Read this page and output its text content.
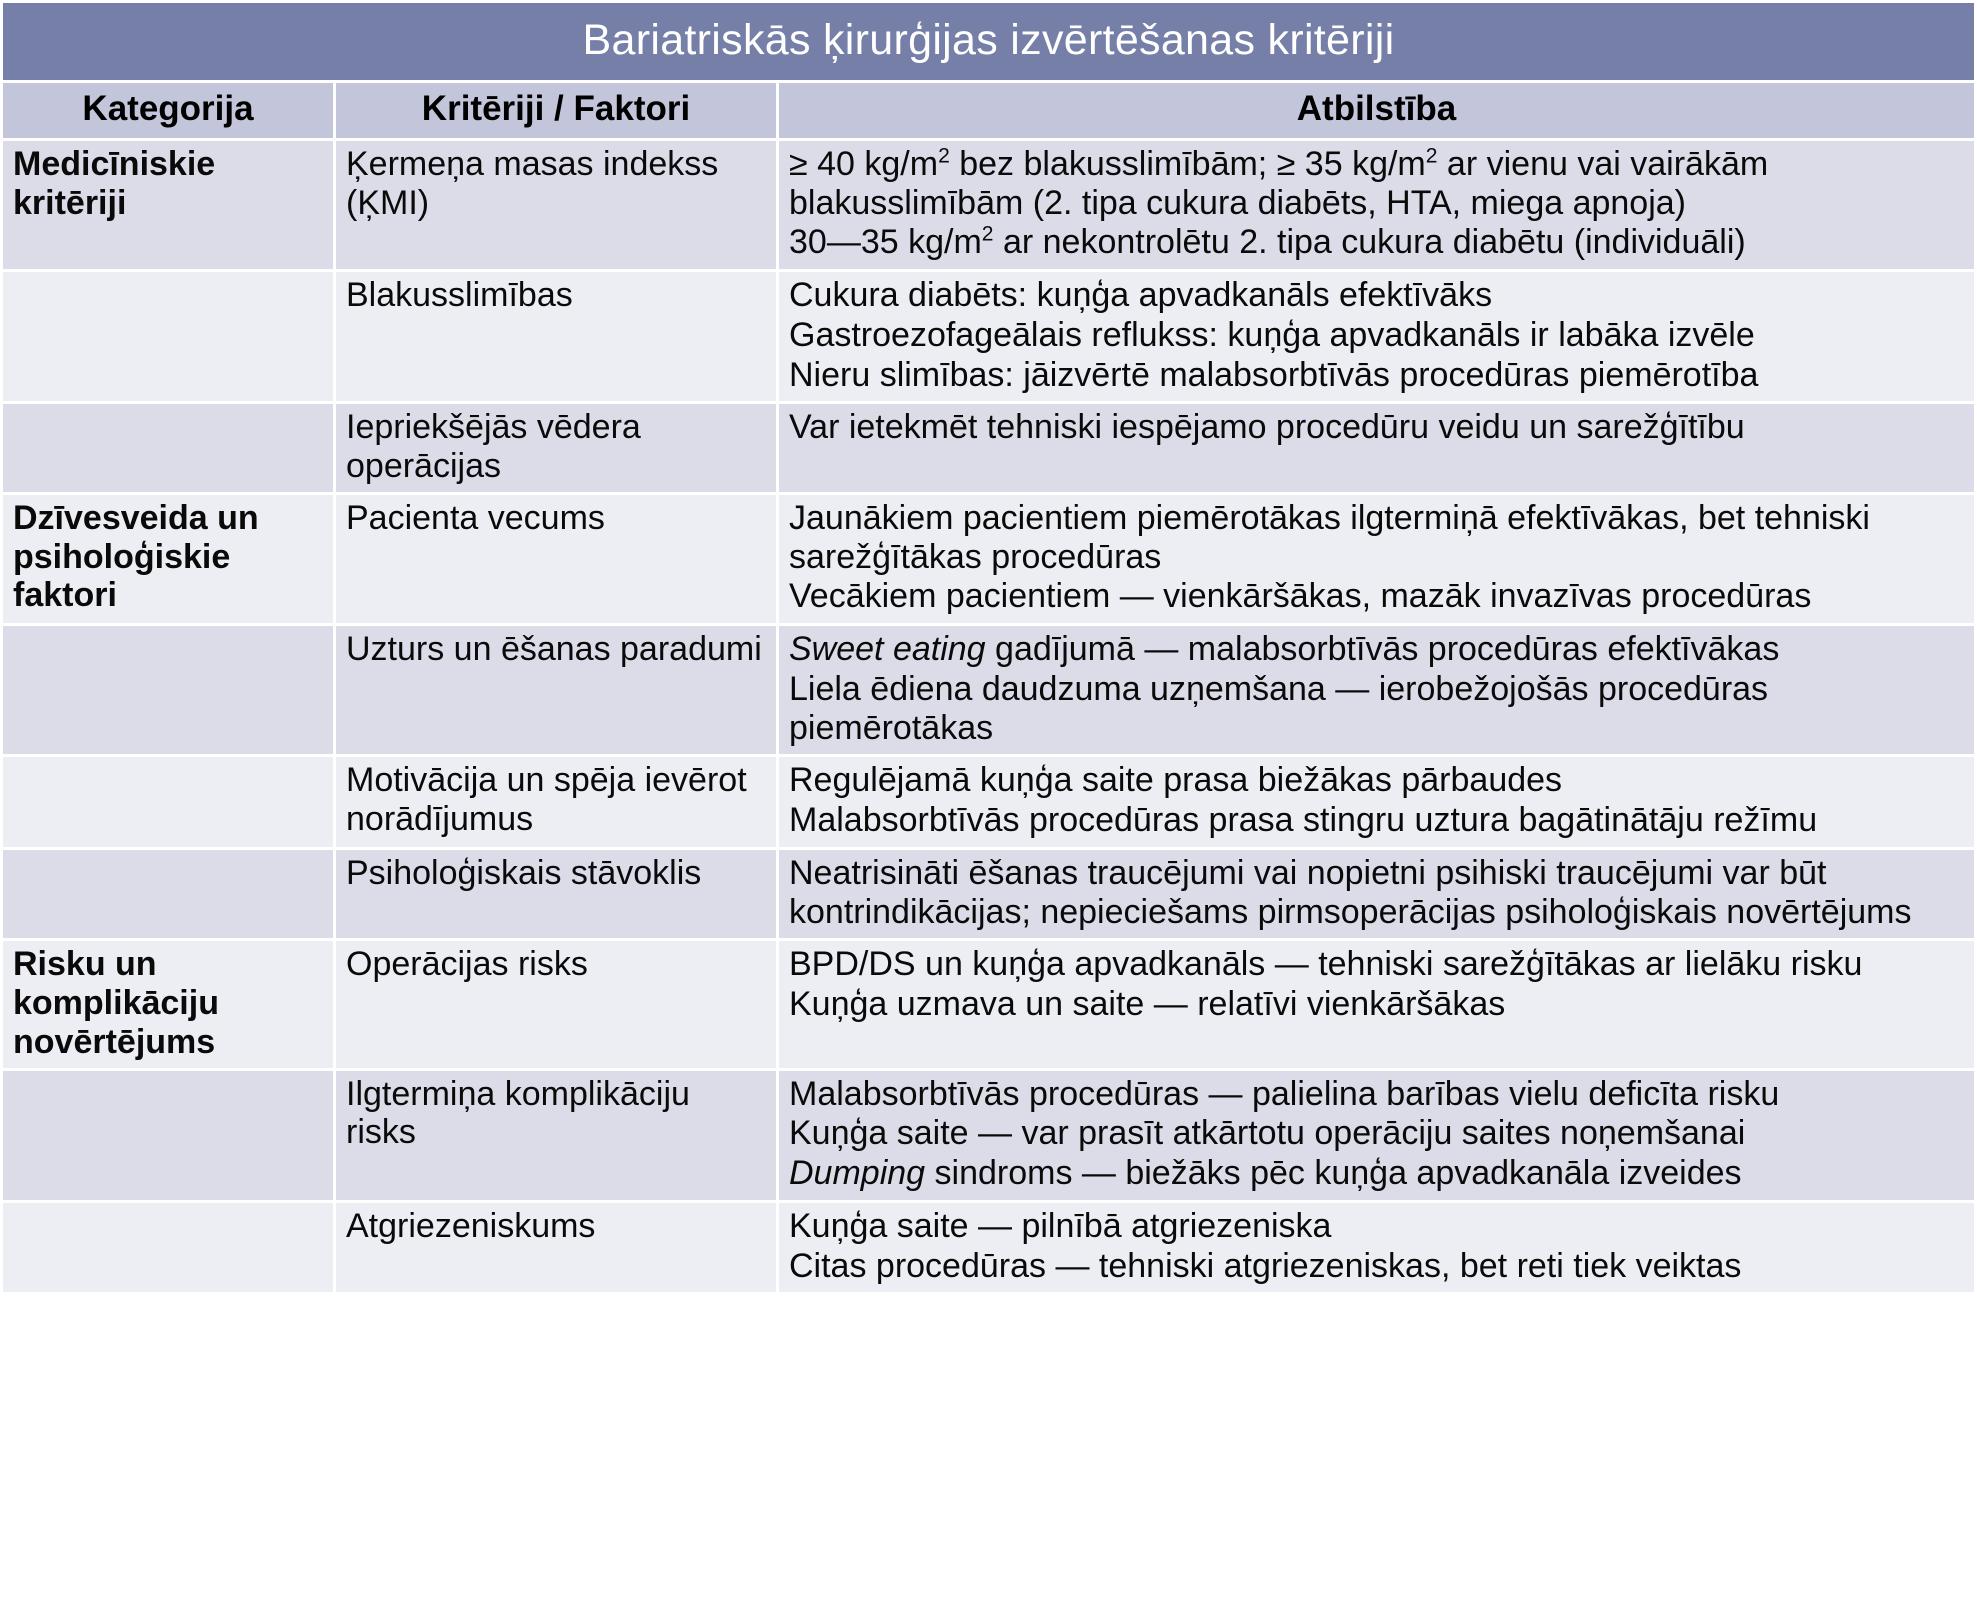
Bariatriskās ķirurģijas izvērtēšanas kritēriji		
Kategorija	Kritēriji / Faktori	Atbilstība
Medicīniskie kritēriji	Ķermeņa masas indekss (ĶMI)	≥ 40 $kg/m^2$ bez blakusslimībām; ≥ 35 $kg/m^2$ ar vienu vai vairākām blakusslimībām (2. tipa cukura diabēts, HTA, miega apnoja)

30—35 $kg/m^2$ ar nekontrolētu 2. tipa cukura diabētu (individuāli)

	Blakusslimības	Cukura diabēts: kuņģa apvadkanāls efektīvāks

Gastroezofageālais reflukss: kuņģa apvadkanāls ir labāka izvēle

Nieru slimības: jāizvērtē malabsorbtīvās procedūras piemērotība

	Iepriekšējās vēdera operācijas	Var ietekmēt tehniski iespējamo procedūru veidu un sarežģītību

Dzīvesveida un psiholoģiskie faktori	Pacienta vecums	Jaunākiem pacientiem piemērotākas ilgtermiņā efektīvākas, bet tehniski sarežģītākas procedūras

Vecākiem pacientiem — vienkāršākas, mazāk invazīvas procedūras

	Uzturs un ēšanas paradumi	Sweet eating gadījumā — malabsorbtīvās procedūras efektīvākas

Liela ēdiena daudzuma uzņemšana — ierobežojošās procedūras piemērotākas

	Motivācija un spēja ievērot norādījumus	Regulējamā kuņģa saite prasa biežākas pārbaudes

Malabsorbtīvās procedūras prasa stingru uztura bagātinātāju režīmu

	Psiholoģiskais stāvoklis	Neatrisināti ēšanas traucējumi vai nopietni psihiski traucējumi var būt kontrindikācijas; nepieciešams pirmsoperācijas psiholoģiskais novērtējums

Risku un komplikāciju novērtējums	Operācijas risks	BPD/DS un kuņģa apvadkanāls — tehniski sarežģītākas ar lielāku risku

Kuņģa uzmava un saite — relatīvi vienkāršākas

	Ilgtermiņa komplikāciju risks	Malabsorbtīvās procedūras — palielina barības vielu deficīta risku

Kuņģa saite — var prasīt atkārtotu operāciju saites noņemšanai

Dumping sindroms — biežāks pēc kuņģa apvadkanāla izveides

	Atgriezeniskums	Kuņģa saite — pilnībā atgriezeniska

Citas procedūras — tehniski atgriezeniskas, bet reti tiek veiktas
